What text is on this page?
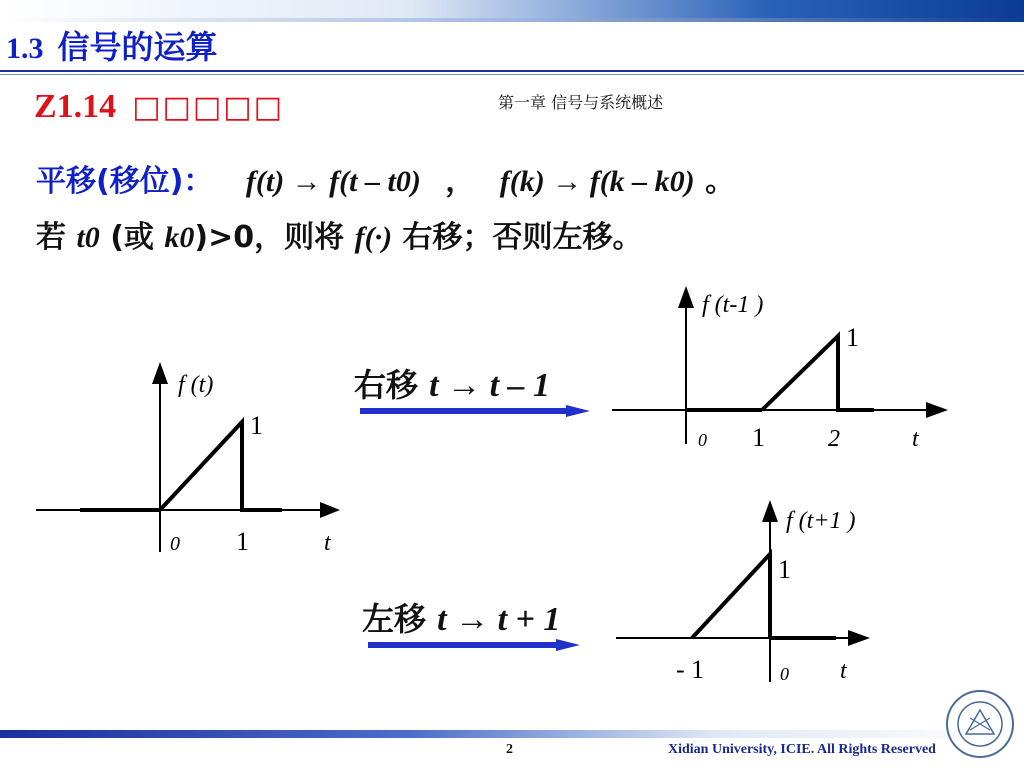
1.3 信号的运算
Z1.14 □□□□□	第一章 信号与系统概述
平移(移位)： f(t) → f(t – t0) ， f(k) → f(k – k0) 。
若 t0 (或 k0)>0，则将 f(·) 右移；否则左移。
右移 t → t – 1
左移 t → t + 1
f (t)
1
0 1	t
f (t-1 )
1
0 1	2	t
f (t+1 )
1
- 1	0 t
2	Xidian University, ICIE. All Rights Reserved
